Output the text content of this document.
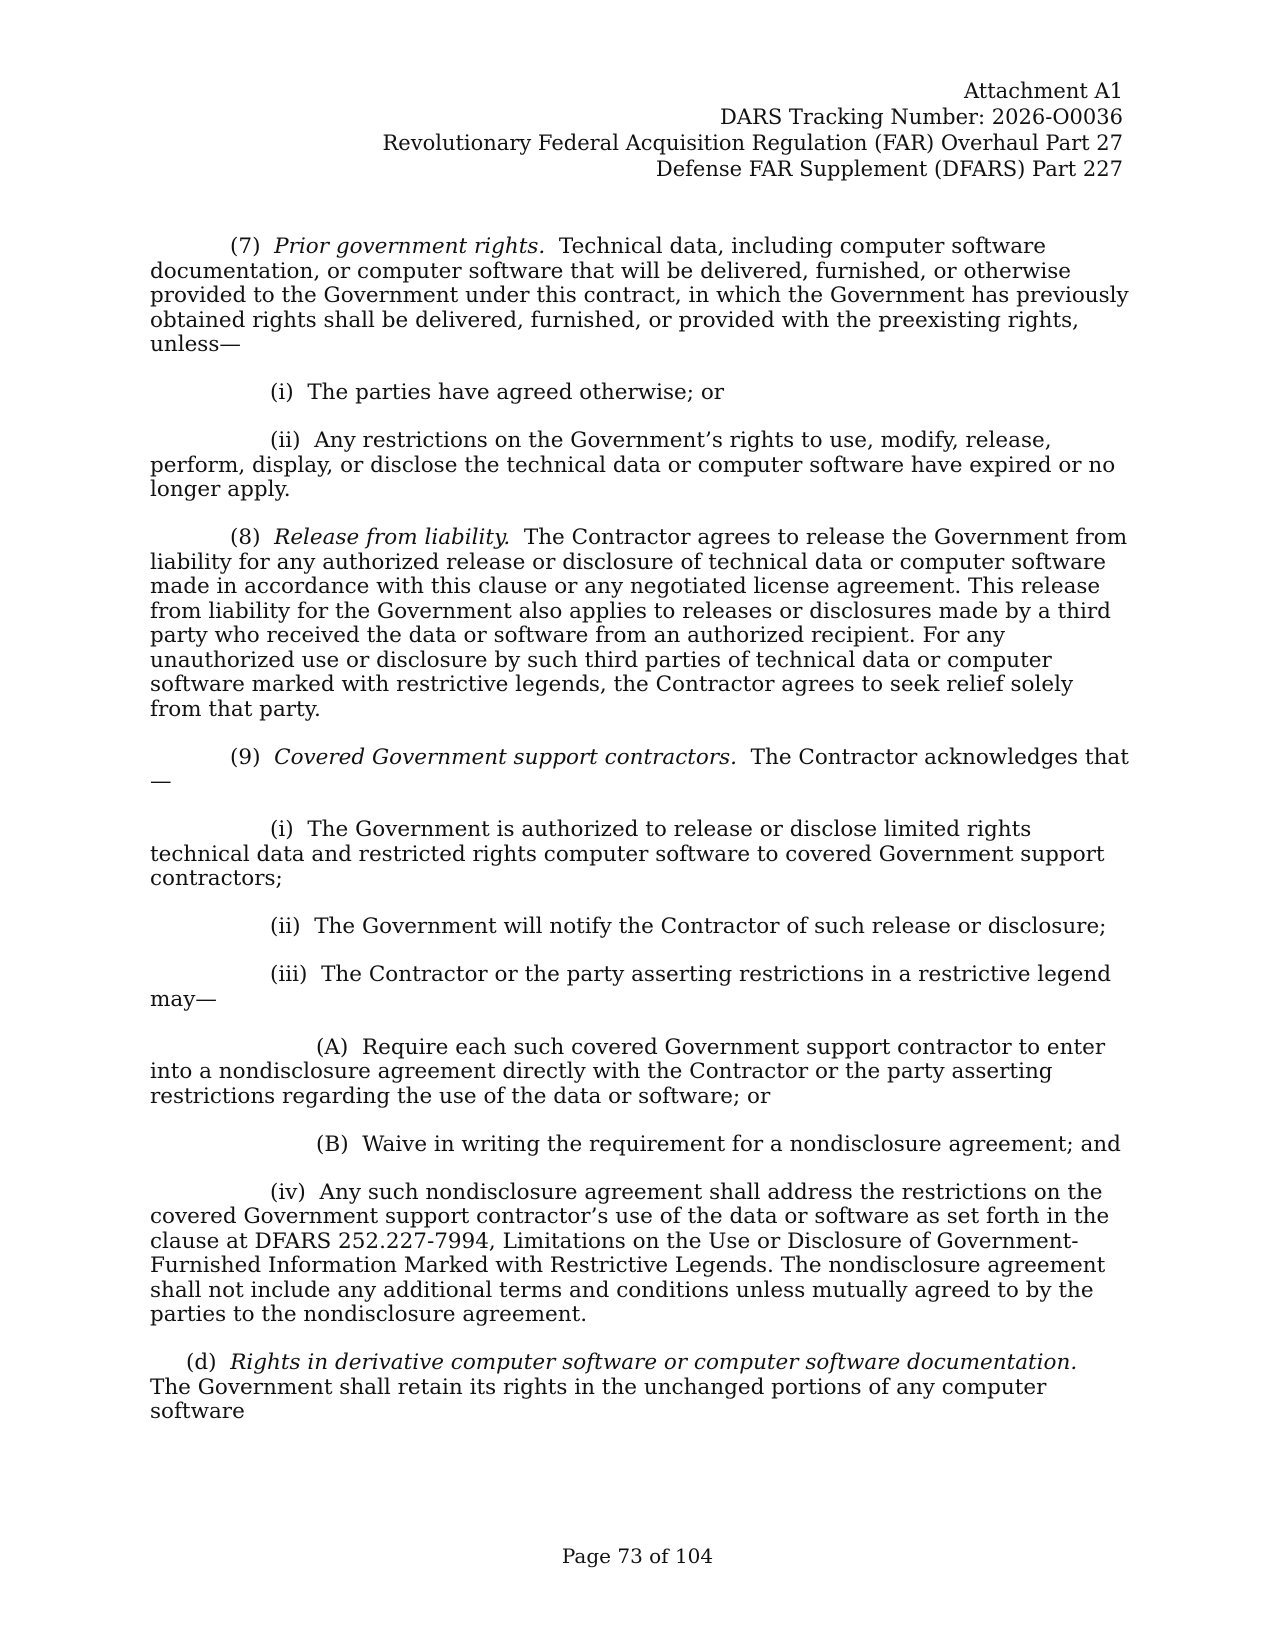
Attachment A1
DARS Tracking Number: 2026-O0036
Revolutionary Federal Acquisition Regulation (FAR) Overhaul Part 27
Defense FAR Supplement (DFARS) Part 227

(7) Prior government rights. Technical data, including computer software documentation, or computer software that will be delivered, furnished, or otherwise provided to the Government under this contract, in which the Government has previously obtained rights shall be delivered, furnished, or provided with the preexisting rights, unless—

(i) The parties have agreed otherwise; or

(ii) Any restrictions on the Government’s rights to use, modify, release, perform, display, or disclose the technical data or computer software have expired or no longer apply.

(8) Release from liability. The Contractor agrees to release the Government from liability for any authorized release or disclosure of technical data or computer software made in accordance with this clause or any negotiated license agreement. This release from liability for the Government also applies to releases or disclosures made by a third party who received the data or software from an authorized recipient. For any unauthorized use or disclosure by such third parties of technical data or computer software marked with restrictive legends, the Contractor agrees to seek relief solely from that party.

(9) Covered Government support contractors. The Contractor acknowledges that—

(i) The Government is authorized to release or disclose limited rights technical data and restricted rights computer software to covered Government support contractors;

(ii) The Government will notify the Contractor of such release or disclosure;

(iii) The Contractor or the party asserting restrictions in a restrictive legend may—

(A) Require each such covered Government support contractor to enter into a nondisclosure agreement directly with the Contractor or the party asserting restrictions regarding the use of the data or software; or

(B) Waive in writing the requirement for a nondisclosure agreement; and

(iv) Any such nondisclosure agreement shall address the restrictions on the covered Government support contractor’s use of the data or software as set forth in the clause at DFARS 252.227-7994, Limitations on the Use or Disclosure of Government-Furnished Information Marked with Restrictive Legends. The nondisclosure agreement shall not include any additional terms and conditions unless mutually agreed to by the parties to the nondisclosure agreement.

(d) Rights in derivative computer software or computer software documentation.  The Government shall retain its rights in the unchanged portions of any computer software

Page 73 of 104
